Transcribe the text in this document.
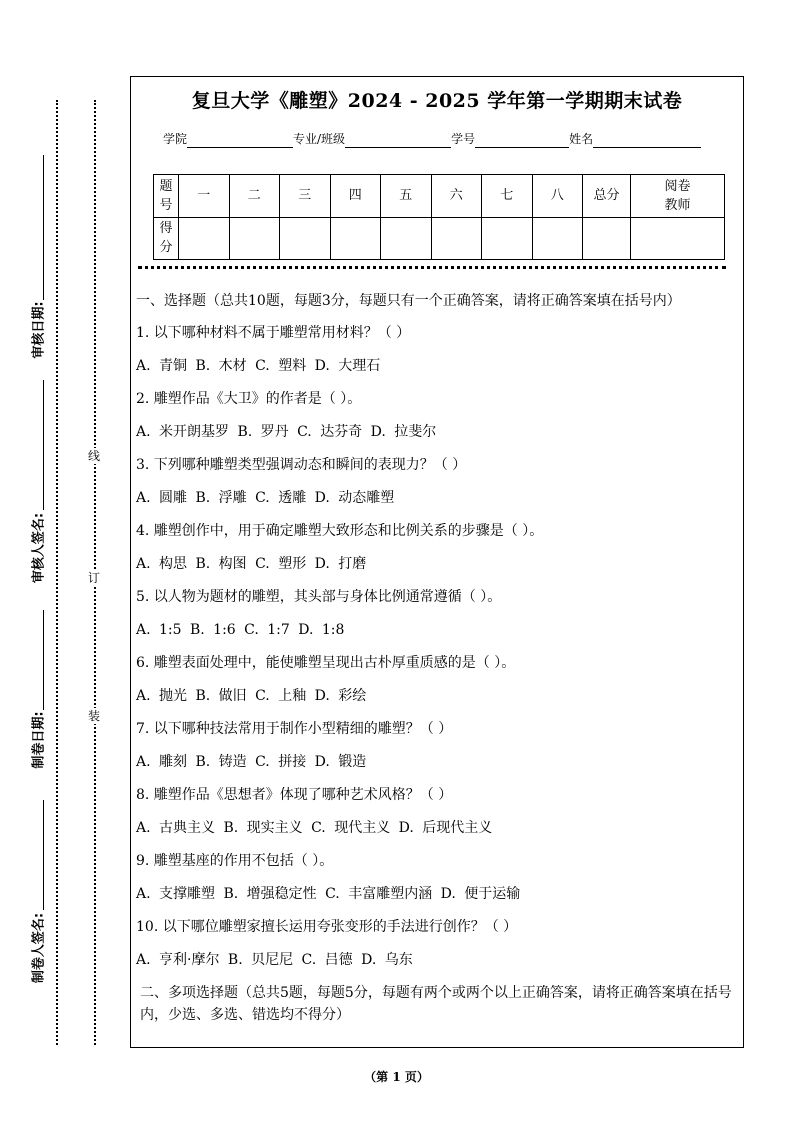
线
订
装
审核日期:
审核人签名:
制卷日期:
制卷人签名:
复旦大学《雕塑》2024 - 2025 学年第一学期期末试卷
学院	专业/班级	学号	姓名
题号	一	二	三	四	五	六	七	八	总分	阅卷教师
得分										

一、选择题（总共10题，每题3分，每题只有一个正确答案，请将正确答案填在括号内）

1. 以下哪种材料不属于雕塑常用材料？（ ）

A. 青铜 B. 木材 C. 塑料 D. 大理石

2. 雕塑作品《大卫》的作者是（ ）。

A. 米开朗基罗 B. 罗丹 C. 达芬奇 D. 拉斐尔

3. 下列哪种雕塑类型强调动态和瞬间的表现力？（ ）

A. 圆雕 B. 浮雕 C. 透雕 D. 动态雕塑

4. 雕塑创作中，用于确定雕塑大致形态和比例关系的步骤是（ ）。

A. 构思 B. 构图 C. 塑形 D. 打磨

5. 以人物为题材的雕塑，其头部与身体比例通常遵循（ ）。

A. 1:5 B. 1:6 C. 1:7 D. 1:8

6. 雕塑表面处理中，能使雕塑呈现出古朴厚重质感的是（ ）。

A. 抛光 B. 做旧 C. 上釉 D. 彩绘

7. 以下哪种技法常用于制作小型精细的雕塑？（ ）

A. 雕刻 B. 铸造 C. 拼接 D. 锻造

8. 雕塑作品《思想者》体现了哪种艺术风格？（ ）

A. 古典主义 B. 现实主义 C. 现代主义 D. 后现代主义

9. 雕塑基座的作用不包括（ ）。

A. 支撑雕塑 B. 增强稳定性 C. 丰富雕塑内涵 D. 便于运输

10. 以下哪位雕塑家擅长运用夸张变形的手法进行创作？（ ）

A. 亨利·摩尔 B. 贝尼尼 C. 吕德 D. 乌东

二、多项选择题（总共5题，每题5分，每题有两个或两个以上正确答案，请将正确答案填在括号内，少选、多选、错选均不得分）

（第 1 页）
